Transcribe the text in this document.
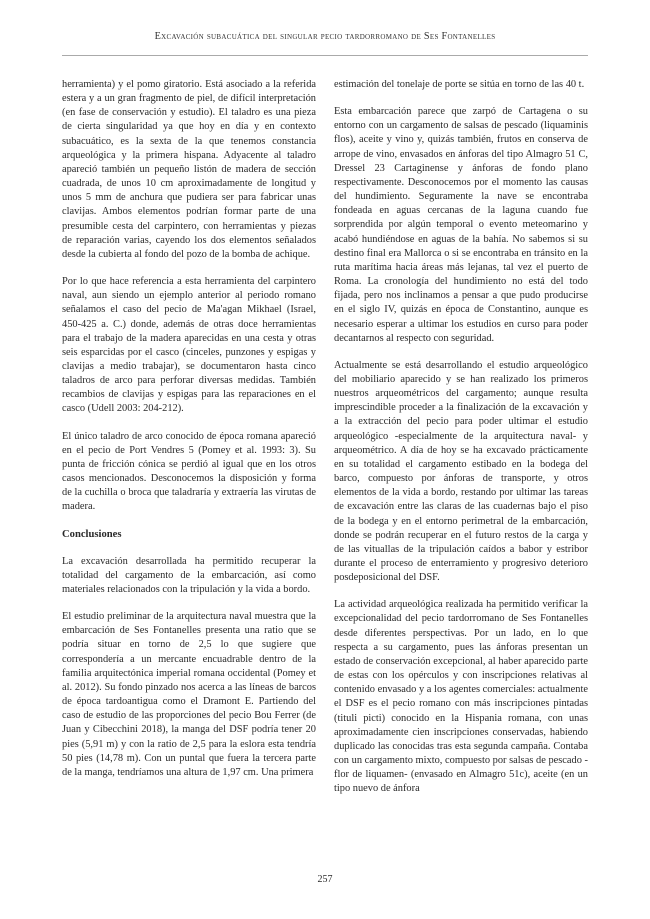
Excavación subacuática del singular pecio tardorromano de Ses Fontanelles

herramienta) y el pomo giratorio. Está asociado a la referida estera y a un gran fragmento de piel, de difícil interpretación (en fase de conservación y estudio). El taladro es una pieza de cierta singularidad ya que hoy en día y en contexto subacuático, es la sexta de la que tenemos constancia arqueológica y la primera hispana. Adyacente al taladro apareció también un pequeño listón de madera de sección cuadrada, de unos 10 cm aproximadamente de longitud y unos 5 mm de anchura que pudiera ser para fabricar unas clavijas. Ambos elementos podrían formar parte de una presumible cesta del carpintero, con herramientas y piezas de reparación varias, cayendo los dos elementos señalados desde la cubierta al fondo del pozo de la bomba de achique.

Por lo que hace referencia a esta herramienta del carpintero naval, aun siendo un ejemplo anterior al periodo romano señalamos el caso del pecio de Ma'agan Mikhael (Israel, 450-425 a. C.) donde, además de otras doce herramientas para el trabajo de la madera aparecidas en una cesta y otras seis esparcidas por el casco (cinceles, punzones y espigas y clavijas a medio trabajar), se documentaron hasta cinco taladros de arco para perforar diversas medidas. También recambios de clavijas y espigas para las reparaciones en el casco (Udell 2003: 204-212).

El único taladro de arco conocido de época romana apareció en el pecio de Port Vendres 5 (Pomey et al. 1993: 3). Su punta de fricción cónica se perdió al igual que en los otros casos mencionados. Desconocemos la disposición y forma de la cuchilla o broca que taladraría y extraería las virutas de madera.

Conclusiones

La excavación desarrollada ha permitido recuperar la totalidad del cargamento de la embarcación, así como materiales relacionados con la tripulación y la vida a bordo.

El estudio preliminar de la arquitectura naval muestra que la embarcación de Ses Fontanelles presenta una ratio que se podría situar en torno de 2,5 lo que sugiere que correspondería a un mercante encuadrable dentro de la familia arquitectónica imperial romana occidental (Pomey et al. 2012). Su fondo pinzado nos acerca a las líneas de barcos de época tardoantigua como el Dramont E. Partiendo del caso de estudio de las proporciones del pecio Bou Ferrer (de Juan y Cibecchini 2018), la manga del DSF podría tener 20 pies (5,91 m) y con la ratio de 2,5 para la eslora esta tendría 50 pies (14,78 m). Con un puntal que fuera la tercera parte de la manga, tendríamos una altura de 1,97 cm. Una primera

estimación del tonelaje de porte se sitúa en torno de las 40 t.

Esta embarcación parece que zarpó de Cartagena o su entorno con un cargamento de salsas de pescado (liquaminis flos), aceite y vino y, quizás también, frutos en conserva de arrope de vino, envasados en ánforas del tipo Almagro 51 C, Dressel 23 Cartaginense y ánforas de fondo plano respectivamente. Desconocemos por el momento las causas del hundimiento. Seguramente la nave se encontraba fondeada en aguas cercanas de la laguna cuando fue sorprendida por algún temporal o evento meteomarino y acabó hundiéndose en aguas de la bahía. No sabemos si su destino final era Mallorca o si se encontraba en tránsito en la ruta marítima hacia áreas más lejanas, tal vez el puerto de Roma. La cronología del hundimiento no está del todo fijada, pero nos inclinamos a pensar a que pudo producirse en el siglo IV, quizás en época de Constantino, aunque es necesario esperar a ultimar los estudios en curso para poder decantarnos al respecto con seguridad.

Actualmente se está desarrollando el estudio arqueológico del mobiliario aparecido y se han realizado los primeros nuestros arqueométricos del cargamento; aunque resulta imprescindible proceder a la finalización de la excavación y a la extracción del pecio para poder ultimar el estudio arqueológico -especialmente de la arquitectura naval- y arqueométrico. A día de hoy se ha excavado prácticamente en su totalidad el cargamento estibado en la bodega del barco, compuesto por ánforas de transporte, y otros elementos de la vida a bordo, restando por ultimar las tareas de excavación entre las claras de las cuadernas bajo el piso de la bodega y en el entorno perimetral de la embarcación, donde se podrán recuperar en el futuro restos de la carga y de las vituallas de la tripulación caídos a babor y estribor durante el proceso de enterramiento y progresivo deterioro posdeposicional del DSF.

La actividad arqueológica realizada ha permitido verificar la excepcionalidad del pecio tardorromano de Ses Fontanelles desde diferentes perspectivas. Por un lado, en lo que respecta a su cargamento, pues las ánforas presentan un estado de conservación excepcional, al haber aparecido parte de estas con los opérculos y con inscripciones relativas al contenido envasado y a los agentes comerciales: actualmente el DSF es el pecio romano con más inscripciones pintadas (tituli picti) conocido en la Hispania romana, con unas aproximadamente cien inscripciones conservadas, habiendo duplicado las conocidas tras esta segunda campaña. Contaba con un cargamento mixto, compuesto por salsas de pescado -flor de liquamen- (envasado en Almagro 51c), aceite (en un tipo nuevo de ánfora

257
